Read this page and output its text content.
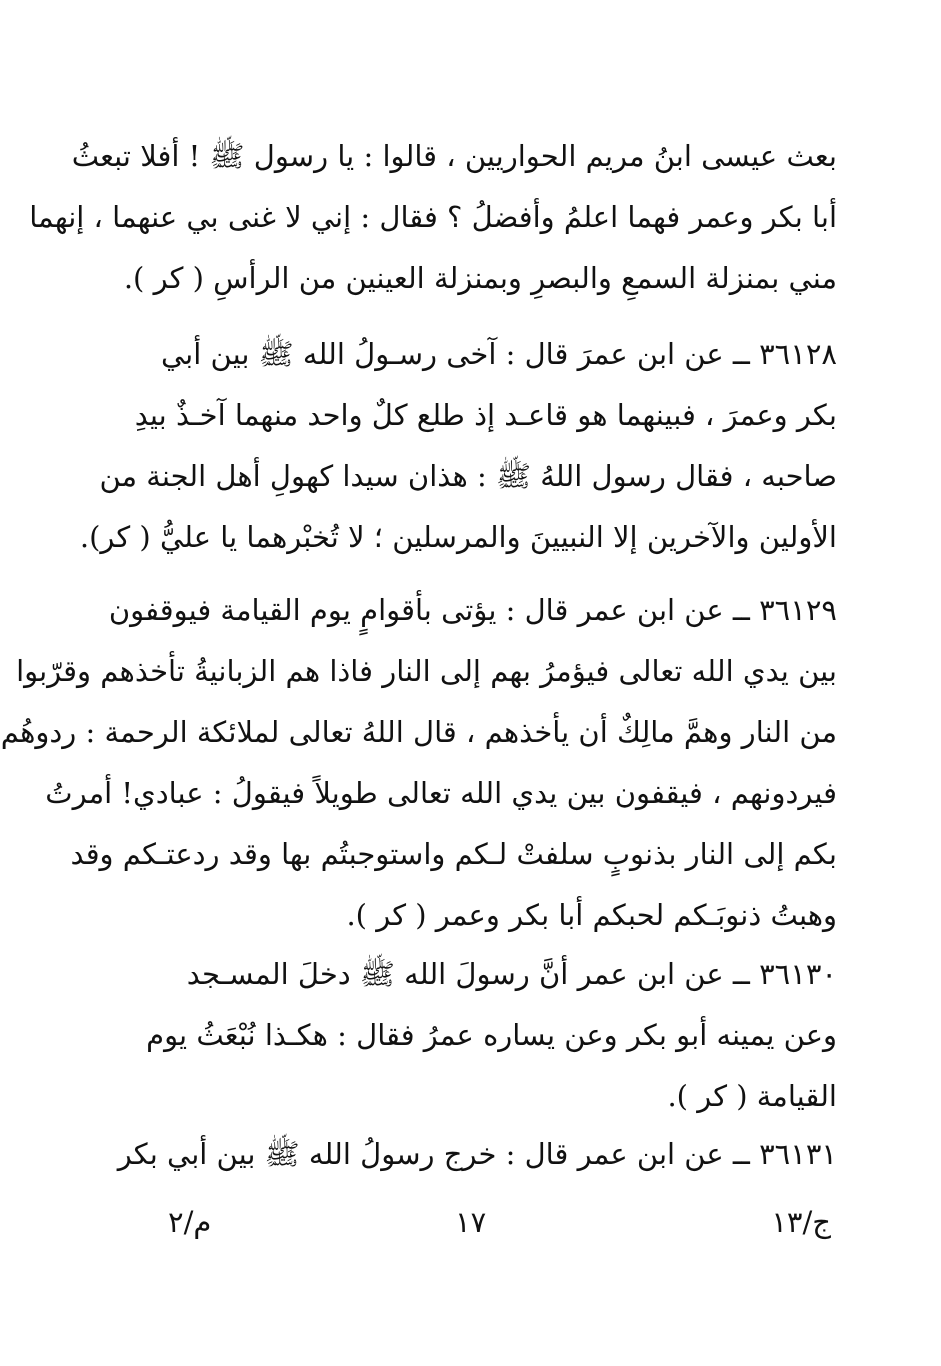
بعث عيسى ابنُ مريم الحواريين ، قالوا : يا رسول ﷺ ! أفلا تبعثُ
أبا بكر وعمر فهما اعلمُ وأفضلُ ؟ فقال : إني لا غنى بي عنهما ، إنهما
مني بمنزلة السمعِ والبصرِ وبمنزلة العينين من الرأسِ ( كر ).
٣٦١٢٨ ــ عن ابن عمرَ قال : آخى رسـولُ الله ﷺ بين أبي
بكر وعمرَ ، فبينهما هو قاعـد إذ طلع كلٌ واحد منهما آخـذٌ بيدِ
صاحبه ، فقال رسول اللهُ ﷺ : هذان سيدا كهولِ أهل الجنة من
الأولين والآخرين إلا النبيينَ والمرسلين ؛ لا تُخبْرهما يا عليُّ ( كر).
٣٦١٢٩ ــ عن ابن عمر قال : يؤتى بأقوامٍ يوم القيامة فيوقفون
بين يدي الله تعالى فيؤمرُ بهم إلى النار فاذا هم الزبانيةُ تأخذهم وقرّبوا
من النار وهمَّ مالِكٌ أن يأخذهم ، قال اللهُ تعالى لملائكة الرحمة : ردوهُم
فيردونهم ، فيقفون بين يدي الله تعالى طويلاً فيقولُ : عبادي! أمرتُ
بكم إلى النار بذنوبٍ سلفتْ لـكم واستوجبتُم بها وقد ردعتـكم وقد
وهبتُ ذنوبَـكم لحبكم أبا بكر وعمر ( كر ).
٣٦١٣٠ ــ عن ابن عمر أنَّ رسولَ الله ﷺ دخلَ المسـجد
وعن يمينه أبو بكر وعن يساره عمرُ فقال : هكـذا نُبْعَثُ يوم
القيامة ( كر ).
٣٦١٣١ ــ عن ابن عمر قال : خرج رسولُ الله ﷺ بين أبي بكر
ج/١٣
١٧
م/٢
